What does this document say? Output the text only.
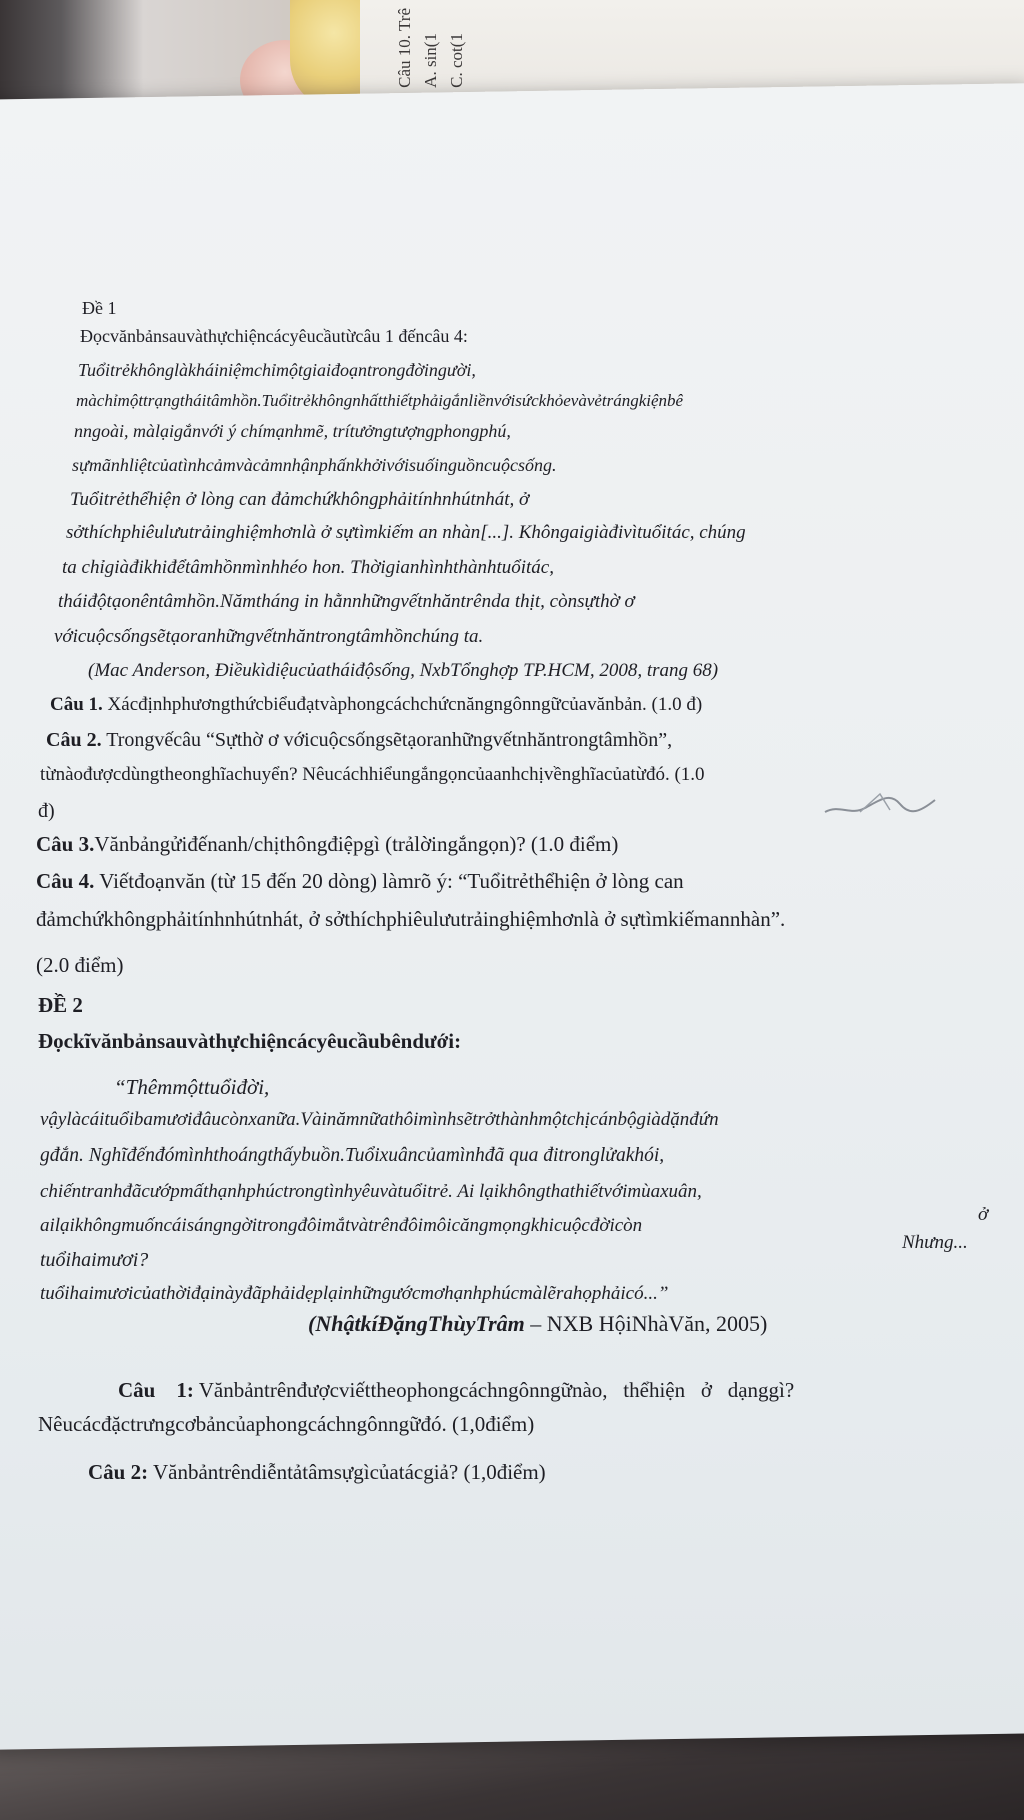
Câu 10. Trê A. sin(1 C. cot(1
Đề 1
Đọcvănbảnsauvàthựchiệncácyêucầutừcâu 1 đếncâu 4:
Tuổitrẻkhônglàkháiniệmchỉmộtgiaiđoạntrongđờingười,
màchỉmộttrạngtháitâmhồn.Tuổitrẻkhôngnhấtthiếtphảigắnliềnvớisứckhỏevàvẻtrángkiệnbê
nngoài, màlạigắnvới ý chímạnhmẽ, trítưởngtượngphongphú,
sựmãnhliệtcủatìnhcảmvàcảmnhậnphấnkhởivớisuốinguồncuộcsống.
Tuổitrẻthểhiện ở lòng can đảmchứkhôngphảitínhnhútnhát, ở
sởthíchphiêulưutrảinghiệmhơnlà ở sựtìmkiếm an nhàn[...]. Khôngaigiàđivìtuổitác, chúng
ta chỉgiàđikhiđểtâmhồnmìnhhéo hon. Thờigianhìnhthànhtuổitác,
tháiđộtạonêntâmhồn.Nămtháng in hằnnhữngvếtnhăntrênda thịt, cònsựthờ ơ
vớicuộcsốngsẽtạoranhữngvếtnhăntrongtâmhồnchúng ta.
(Mac Anderson, Điềukìdiệucủatháiđộsống, NxbTổnghợp TP.HCM, 2008, trang 68)
Câu 1. Xácđịnhphươngthứcbiểuđạtvàphongcáchchứcnăngngônngữcủavănbản. (1.0 đ)
Câu 2. Trongvếcâu “Sựthờ ơ vớicuộcsốngsẽtạoranhữngvếtnhăntrongtâmhồn”,
từnàođượcdùngtheonghĩachuyển? Nêucáchhiểungắngọncủaanhchịvềnghĩacủatừđó. (1.0
đ)
Câu 3.Vănbảngửiđếnanh/chịthôngđiệpgì (trảlờingắngọn)? (1.0 điểm)
Câu 4. Viếtđoạnvăn (từ 15 đến 20 dòng) làmrõ ý: “Tuổitrẻthểhiện ở lòng can
đảmchứkhôngphảitínhnhútnhát, ở sởthíchphiêulưutrảinghiệmhơnlà ở sựtìmkiếmannhàn”.
(2.0 điểm)
ĐỀ 2
Đọckĩvănbảnsauvàthựchiệncácyêucầubêndưới:
“Thêmmộttuổiđời,
vậylàcáituổibamươiđâucònxanữa.Vàinămnữathôimìnhsẽtrởthànhmộtchịcánbộgiàdặnđứn
gđắn. Nghĩđếnđómìnhthoángthấybuồn.Tuổixuâncủamìnhđã qua đitronglửakhói,
chiếntranhđãcướpmấthạnhphúctrongtìnhyêuvàtuổitrẻ. Ai lạikhôngthathiếtvớimùaxuân,
ailạikhôngmuốncáisángngờitrongđôimắtvàtrênđôimôicăngmọngkhicuộcđờicòn
ở
Nhưng...
tuổihaimươi?
tuổihaimươicủathờiđạinàyđãphảidẹplạinhữngướcmơhạnhphúcmàlẽrahọphảicó...”
(NhậtkíĐặngThùyTrâm – NXB HộiNhàVăn, 2005)
Câu    1: Vănbảntrênđượcviếttheophongcáchngônngữnào,   thểhiện   ở   dạnggì?
Nêucácđặctrưngcơbảncủaphongcáchngônngữđó. (1,0điểm)
Câu 2: Vănbảntrêndiễntảtâmsựgìcủatácgiả? (1,0điểm)
